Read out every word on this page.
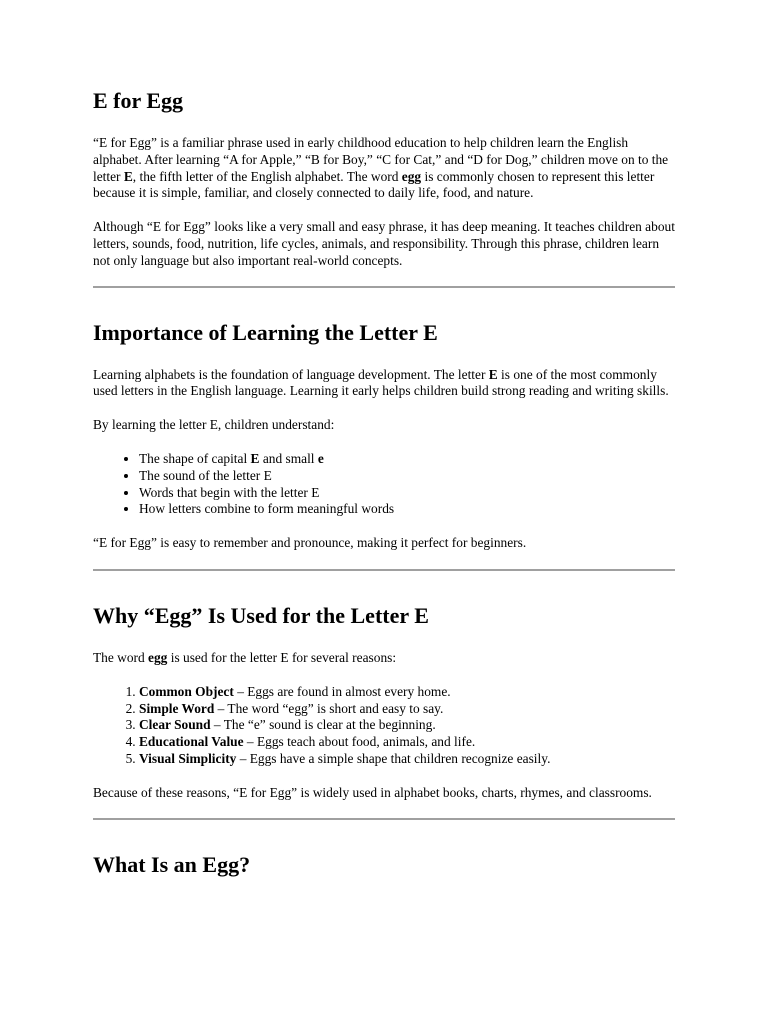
E for Egg

“E for Egg” is a familiar phrase used in early childhood education to help children learn the English alphabet. After learning “A for Apple,” “B for Boy,” “C for Cat,” and “D for Dog,” children move on to the letter E, the fifth letter of the English alphabet. The word egg is commonly chosen to represent this letter because it is simple, familiar, and closely connected to daily life, food, and nature.

Although “E for Egg” looks like a very small and easy phrase, it has deep meaning. It teaches children about letters, sounds, food, nutrition, life cycles, animals, and responsibility. Through this phrase, children learn not only language but also important real-world concepts.

Importance of Learning the Letter E

Learning alphabets is the foundation of language development. The letter E is one of the most commonly used letters in the English language. Learning it early helps children build strong reading and writing skills.

By learning the letter E, children understand:

• The shape of capital E and small e
• The sound of the letter E
• Words that begin with the letter E
• How letters combine to form meaningful words

“E for Egg” is easy to remember and pronounce, making it perfect for beginners.

Why “Egg” Is Used for the Letter E

The word egg is used for the letter E for several reasons:

1. Common Object – Eggs are found in almost every home.
2. Simple Word – The word “egg” is short and easy to say.
3. Clear Sound – The “e” sound is clear at the beginning.
4. Educational Value – Eggs teach about food, animals, and life.
5. Visual Simplicity – Eggs have a simple shape that children recognize easily.

Because of these reasons, “E for Egg” is widely used in alphabet books, charts, rhymes, and classrooms.

What Is an Egg?
